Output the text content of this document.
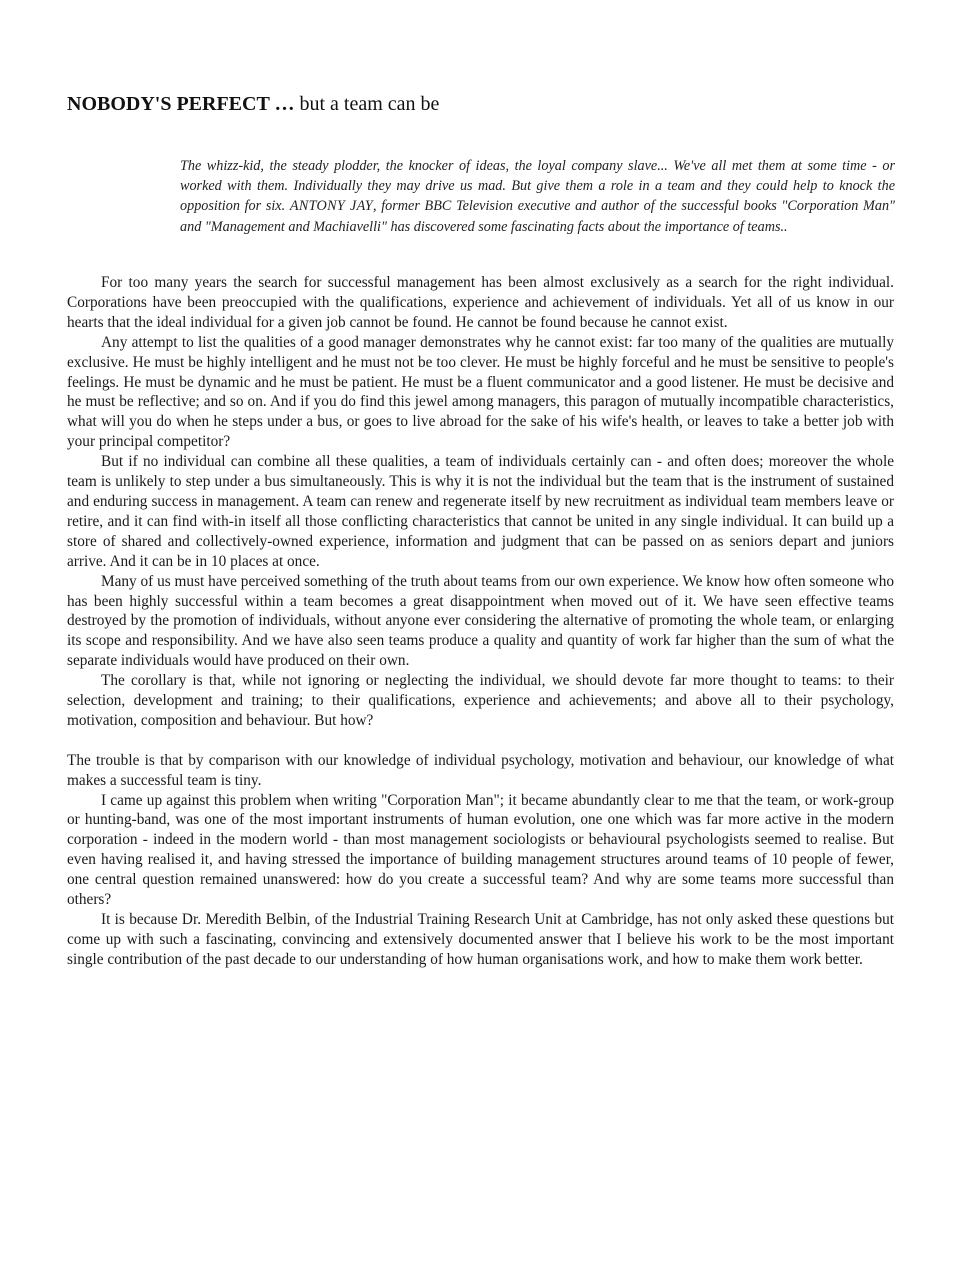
NOBODY'S PERFECT … but a team can be
The whizz-kid, the steady plodder, the knocker of ideas, the loyal company slave... We've all met them at some time - or worked with them. Individually they may drive us mad. But give them a role in a team and they could help to knock the opposition for six. ANTONY JAY, former BBC Television executive and author of the successful books "Corporation Man" and "Management and Machiavelli" has discovered some fascinating facts about the importance of teams..

For too many years the search for successful management has been almost exclusively as a search for the right individual. Corporations have been preoccupied with the qualifications, experience and achievement of individuals. Yet all of us know in our hearts that the ideal individual for a given job cannot be found. He cannot be found because he cannot exist.

Any attempt to list the qualities of a good manager demonstrates why he cannot exist: far too many of the qualities are mutually exclusive. He must be highly intelligent and he must not be too clever. He must be highly forceful and he must be sensitive to people's feelings. He must be dynamic and he must be patient. He must be a fluent communicator and a good listener. He must be decisive and he must be reflective; and so on. And if you do find this jewel among managers, this paragon of mutually incompatible characteristics, what will you do when he steps under a bus, or goes to live abroad for the sake of his wife's health, or leaves to take a better job with your principal competitor?

But if no individual can combine all these qualities, a team of individuals certainly can - and often does; moreover the whole team is unlikely to step under a bus simultaneously. This is why it is not the individual but the team that is the instrument of sustained and enduring success in management. A team can renew and regenerate itself by new recruitment as individual team members leave or retire, and it can find with-in itself all those conflicting characteristics that cannot be united in any single individual. It can build up a store of shared and collectively-owned experience, information and judgment that can be passed on as seniors depart and juniors arrive. And it can be in 10 places at once.

Many of us must have perceived something of the truth about teams from our own experience. We know how often someone who has been highly successful within a team becomes a great disappointment when moved out of it. We have seen effective teams destroyed by the promotion of individuals, without anyone ever considering the alternative of promoting the whole team, or enlarging its scope and responsibility. And we have also seen teams produce a quality and quantity of work far higher than the sum of what the separate individuals would have produced on their own.

The corollary is that, while not ignoring or neglecting the individual, we should devote far more thought to teams: to their selection, development and training; to their qualifications, experience and achievements; and above all to their psychology, motivation, composition and behaviour. But how?

The trouble is that by comparison with our knowledge of individual psychology, motivation and behaviour, our knowledge of what makes a successful team is tiny.

I came up against this problem when writing "Corporation Man"; it became abundantly clear to me that the team, or work-group or hunting-band, was one of the most important instruments of human evolution, one one which was far more active in the modern corporation - indeed in the modern world - than most management sociologists or behavioural psychologists seemed to realise. But even having realised it, and having stressed the importance of building management structures around teams of 10 people of fewer, one central question remained unanswered: how do you create a successful team? And why are some teams more successful than others?

It is because Dr. Meredith Belbin, of the Industrial Training Research Unit at Cambridge, has not only asked these questions but come up with such a fascinating, convincing and extensively documented answer that I believe his work to be the most important single contribution of the past decade to our understanding of how human organisations work, and how to make them work better.
